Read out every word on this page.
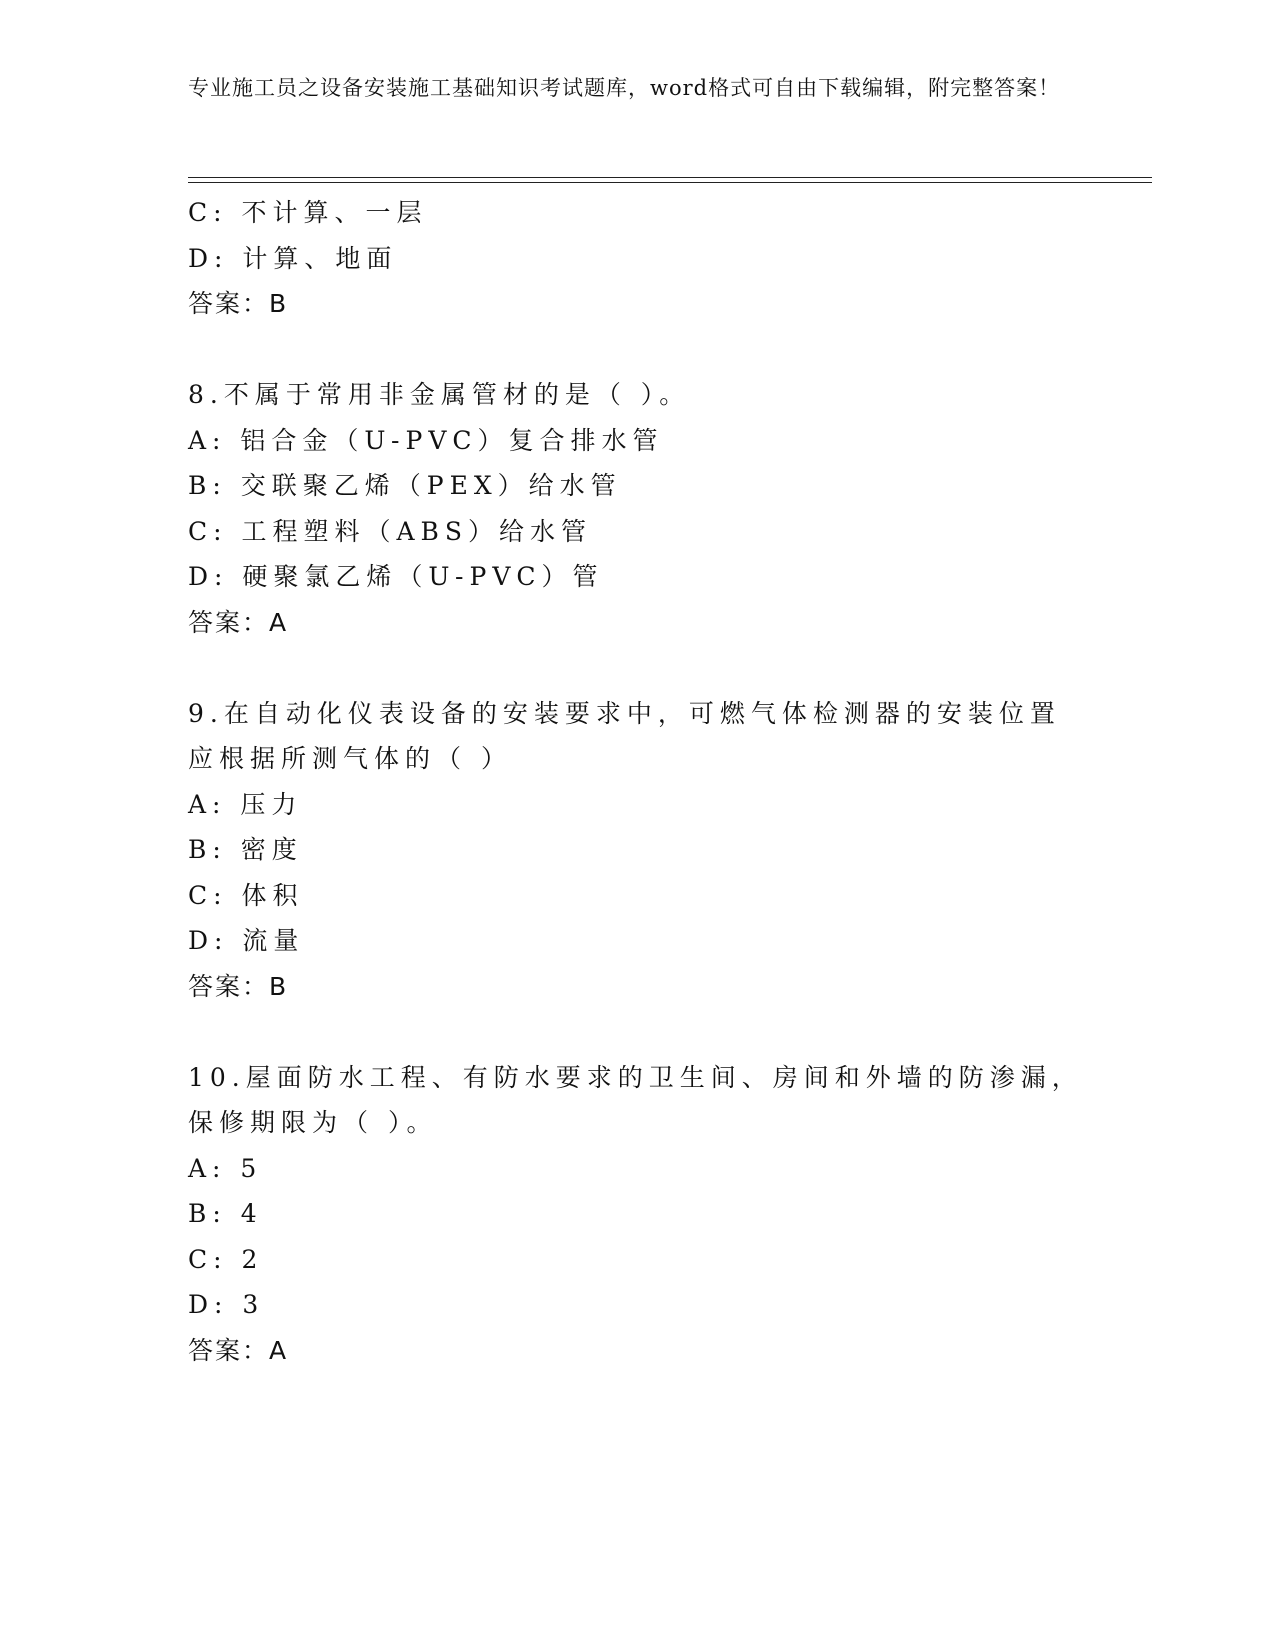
专业施工员之设备安装施工基础知识考试题库，word格式可自由下载编辑，附完整答案！
C: 不计算、一层
D: 计算、地面
答案：B
8.不属于常用非金属管材的是（ ）。
A: 铝合金（U-PVC）复合排水管
B: 交联聚乙烯（PEX）给水管
C: 工程塑料（ABS）给水管
D: 硬聚氯乙烯（U-PVC）管
答案：A
9.在自动化仪表设备的安装要求中，可燃气体检测器的安装位置应根据所测气体的（ ）
A: 压力
B: 密度
C: 体积
D: 流量
答案：B
10.屋面防水工程、有防水要求的卫生间、房间和外墙的防渗漏，保修期限为（ ）。
A: 5
B: 4
C: 2
D: 3
答案：A
